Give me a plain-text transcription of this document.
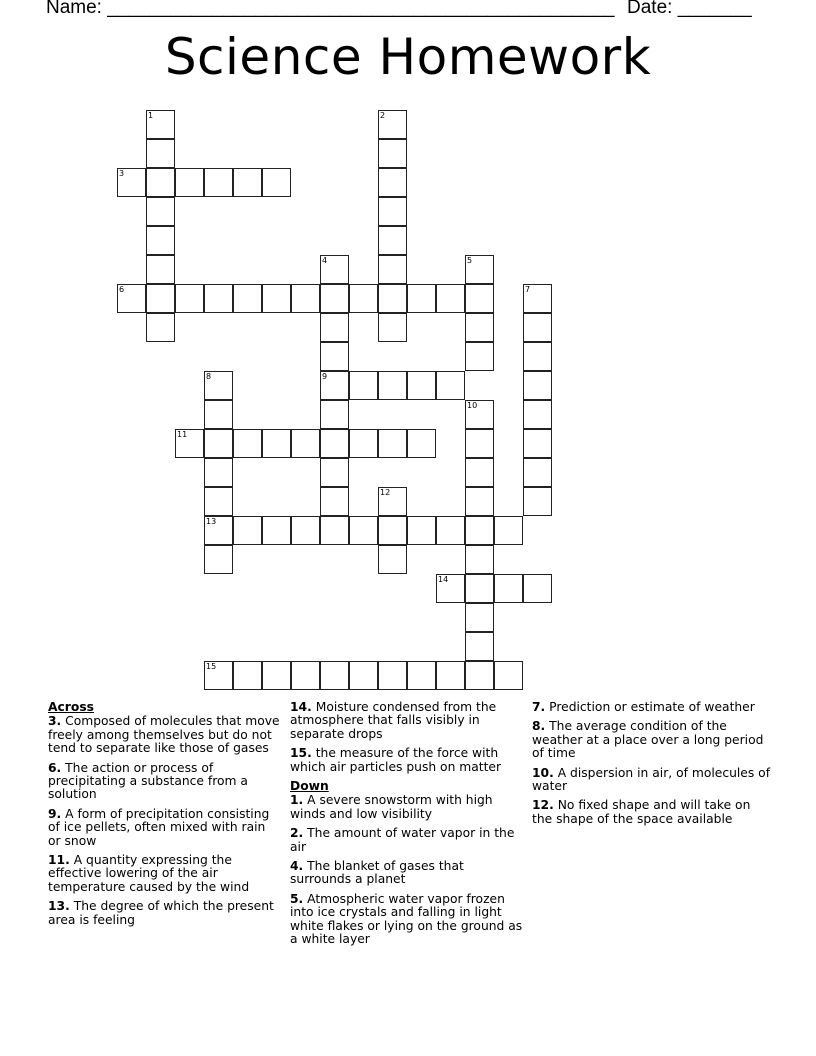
Name: ________________________________________________ Date: _______
Science Homework
1	2
3
4
9
5
6	7
8
13
10
11
12
14
15
Across
3. Composed of molecules that move freely among themselves but do not tend to separate like those of gases
6. The action or process of precipitating a substance from a solution
9. A form of precipitation consisting of ice pellets, often mixed with rain or snow
11. A quantity expressing the effective lowering of the air temperature caused by the wind
13. The degree of which the present area is feeling
14. Moisture condensed from the atmosphere that falls visibly in separate drops
15. the measure of the force with which air particles push on matter
Down
1. A severe snowstorm with high winds and low visibility
2. The amount of water vapor in the air
4. The blanket of gases that surrounds a planet
5. Atmospheric water vapor frozen into ice crystals and falling in light white flakes or lying on the ground as a white layer
7. Prediction or estimate of weather
8. The average condition of the weather at a place over a long period of time
10. A dispersion in air, of molecules of water
12. No fixed shape and will take on the shape of the space available
